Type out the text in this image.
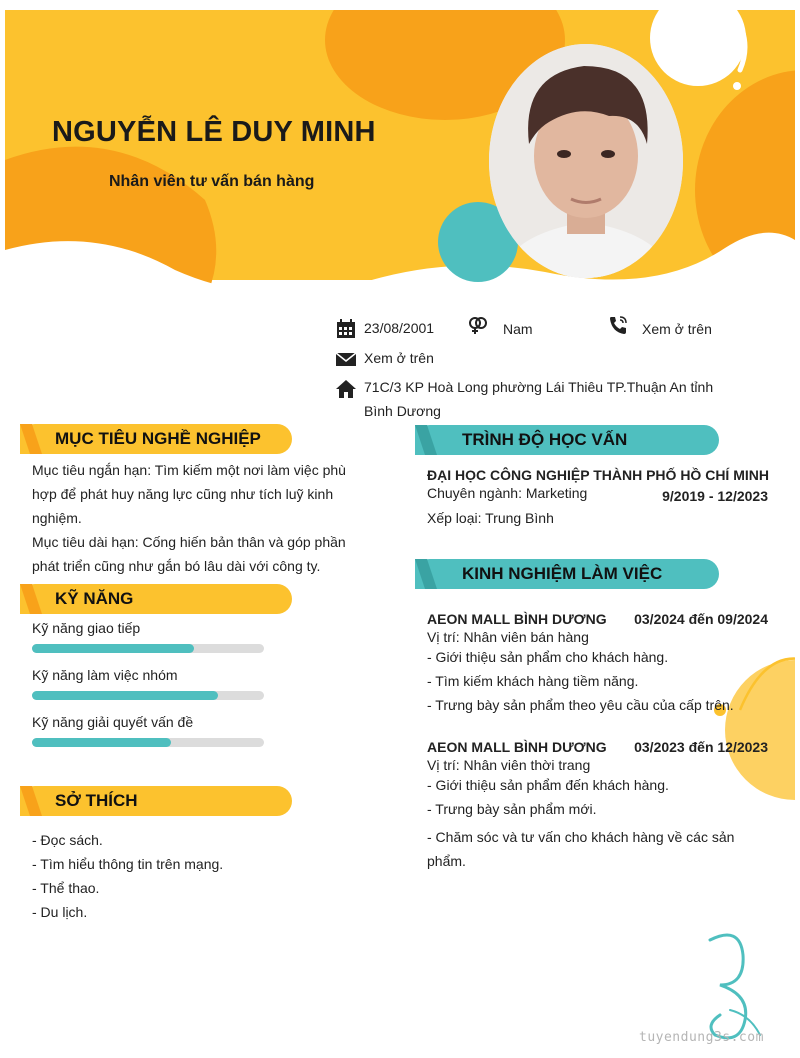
NGUYỄN LÊ DUY MINH
Nhân viên tư vấn bán hàng
23/08/2001	Nam	Xem ở trên
Xem ở trên
71C/3 KP Hoà Long phường Lái Thiêu TP.Thuận An tỉnh Bình Dương
MỤC TIÊU NGHỀ NGHIỆP
Mục tiêu ngắn hạn: Tìm kiếm một nơi làm việc phù hợp để phát huy năng lực cũng như tích luỹ kinh nghiệm.
Mục tiêu dài hạn: Cống hiến bản thân và góp phần phát triển cũng như gắn bó lâu dài với công ty.
KỸ NĂNG
Kỹ năng giao tiếp
Kỹ năng làm việc nhóm
Kỹ năng giải quyết vấn đề
SỞ THÍCH
- Đọc sách.
- Tìm hiểu thông tin trên mạng.
- Thể thao.
- Du lịch.
TRÌNH ĐỘ HỌC VẤN
ĐẠI HỌC CÔNG NGHIỆP THÀNH PHỐ HỒ CHÍ MINH
Chuyên ngành: Marketing	9/2019 - 12/2023
Xếp loại: Trung Bình
KINH NGHIỆM LÀM VIỆC
AEON MALL BÌNH DƯƠNG 03/2024 đến 09/2024
Vị trí: Nhân viên bán hàng
- Giới thiệu sản phẩm cho khách hàng.
- Tìm kiếm khách hàng tiềm năng.
- Trưng bày sản phẩm theo yêu cầu của cấp trên.
AEON MALL BÌNH DƯƠNG 03/2023 đến 12/2023
Vị trí: Nhân viên thời trang
- Giới thiệu sản phẩm đến khách hàng.
- Trưng bày sản phẩm mới.
- Chăm sóc và tư vấn cho khách hàng về các sản phẩm.
tuyendung3s.com
